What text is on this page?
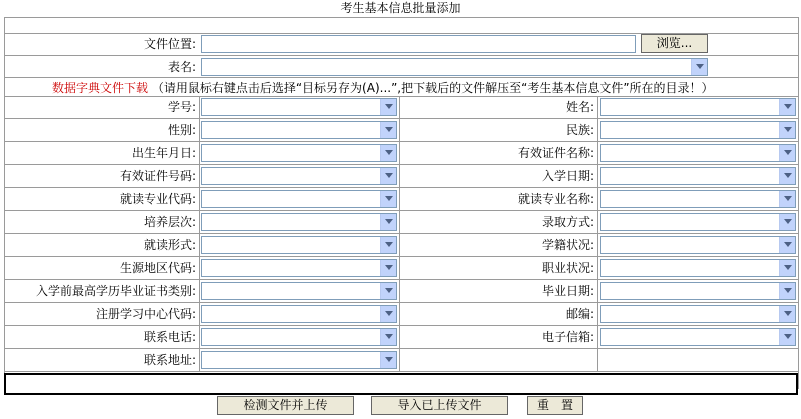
考生基本信息批量添加
文件位置:	浏览...
表名:
数据字典文件下载 （请用鼠标右键点击后选择“目标另存为(A)...”,把下载后的文件解压至“考生基本信息文件”所在的目录！）
学号:	姓名:
性别:	民族:
出生年月日:	有效证件名称:
有效证件号码:	入学日期:
就读专业代码:	就读专业名称:
培养层次:	录取方式:
就读形式:	学籍状况:
生源地区代码:	职业状况:
入学前最高学历毕业证书类别:	毕业日期:
注册学习中心代码:	邮编:
联系电话:	电子信箱:
联系地址:
检测文件并上传	导入已上传文件	重　置
